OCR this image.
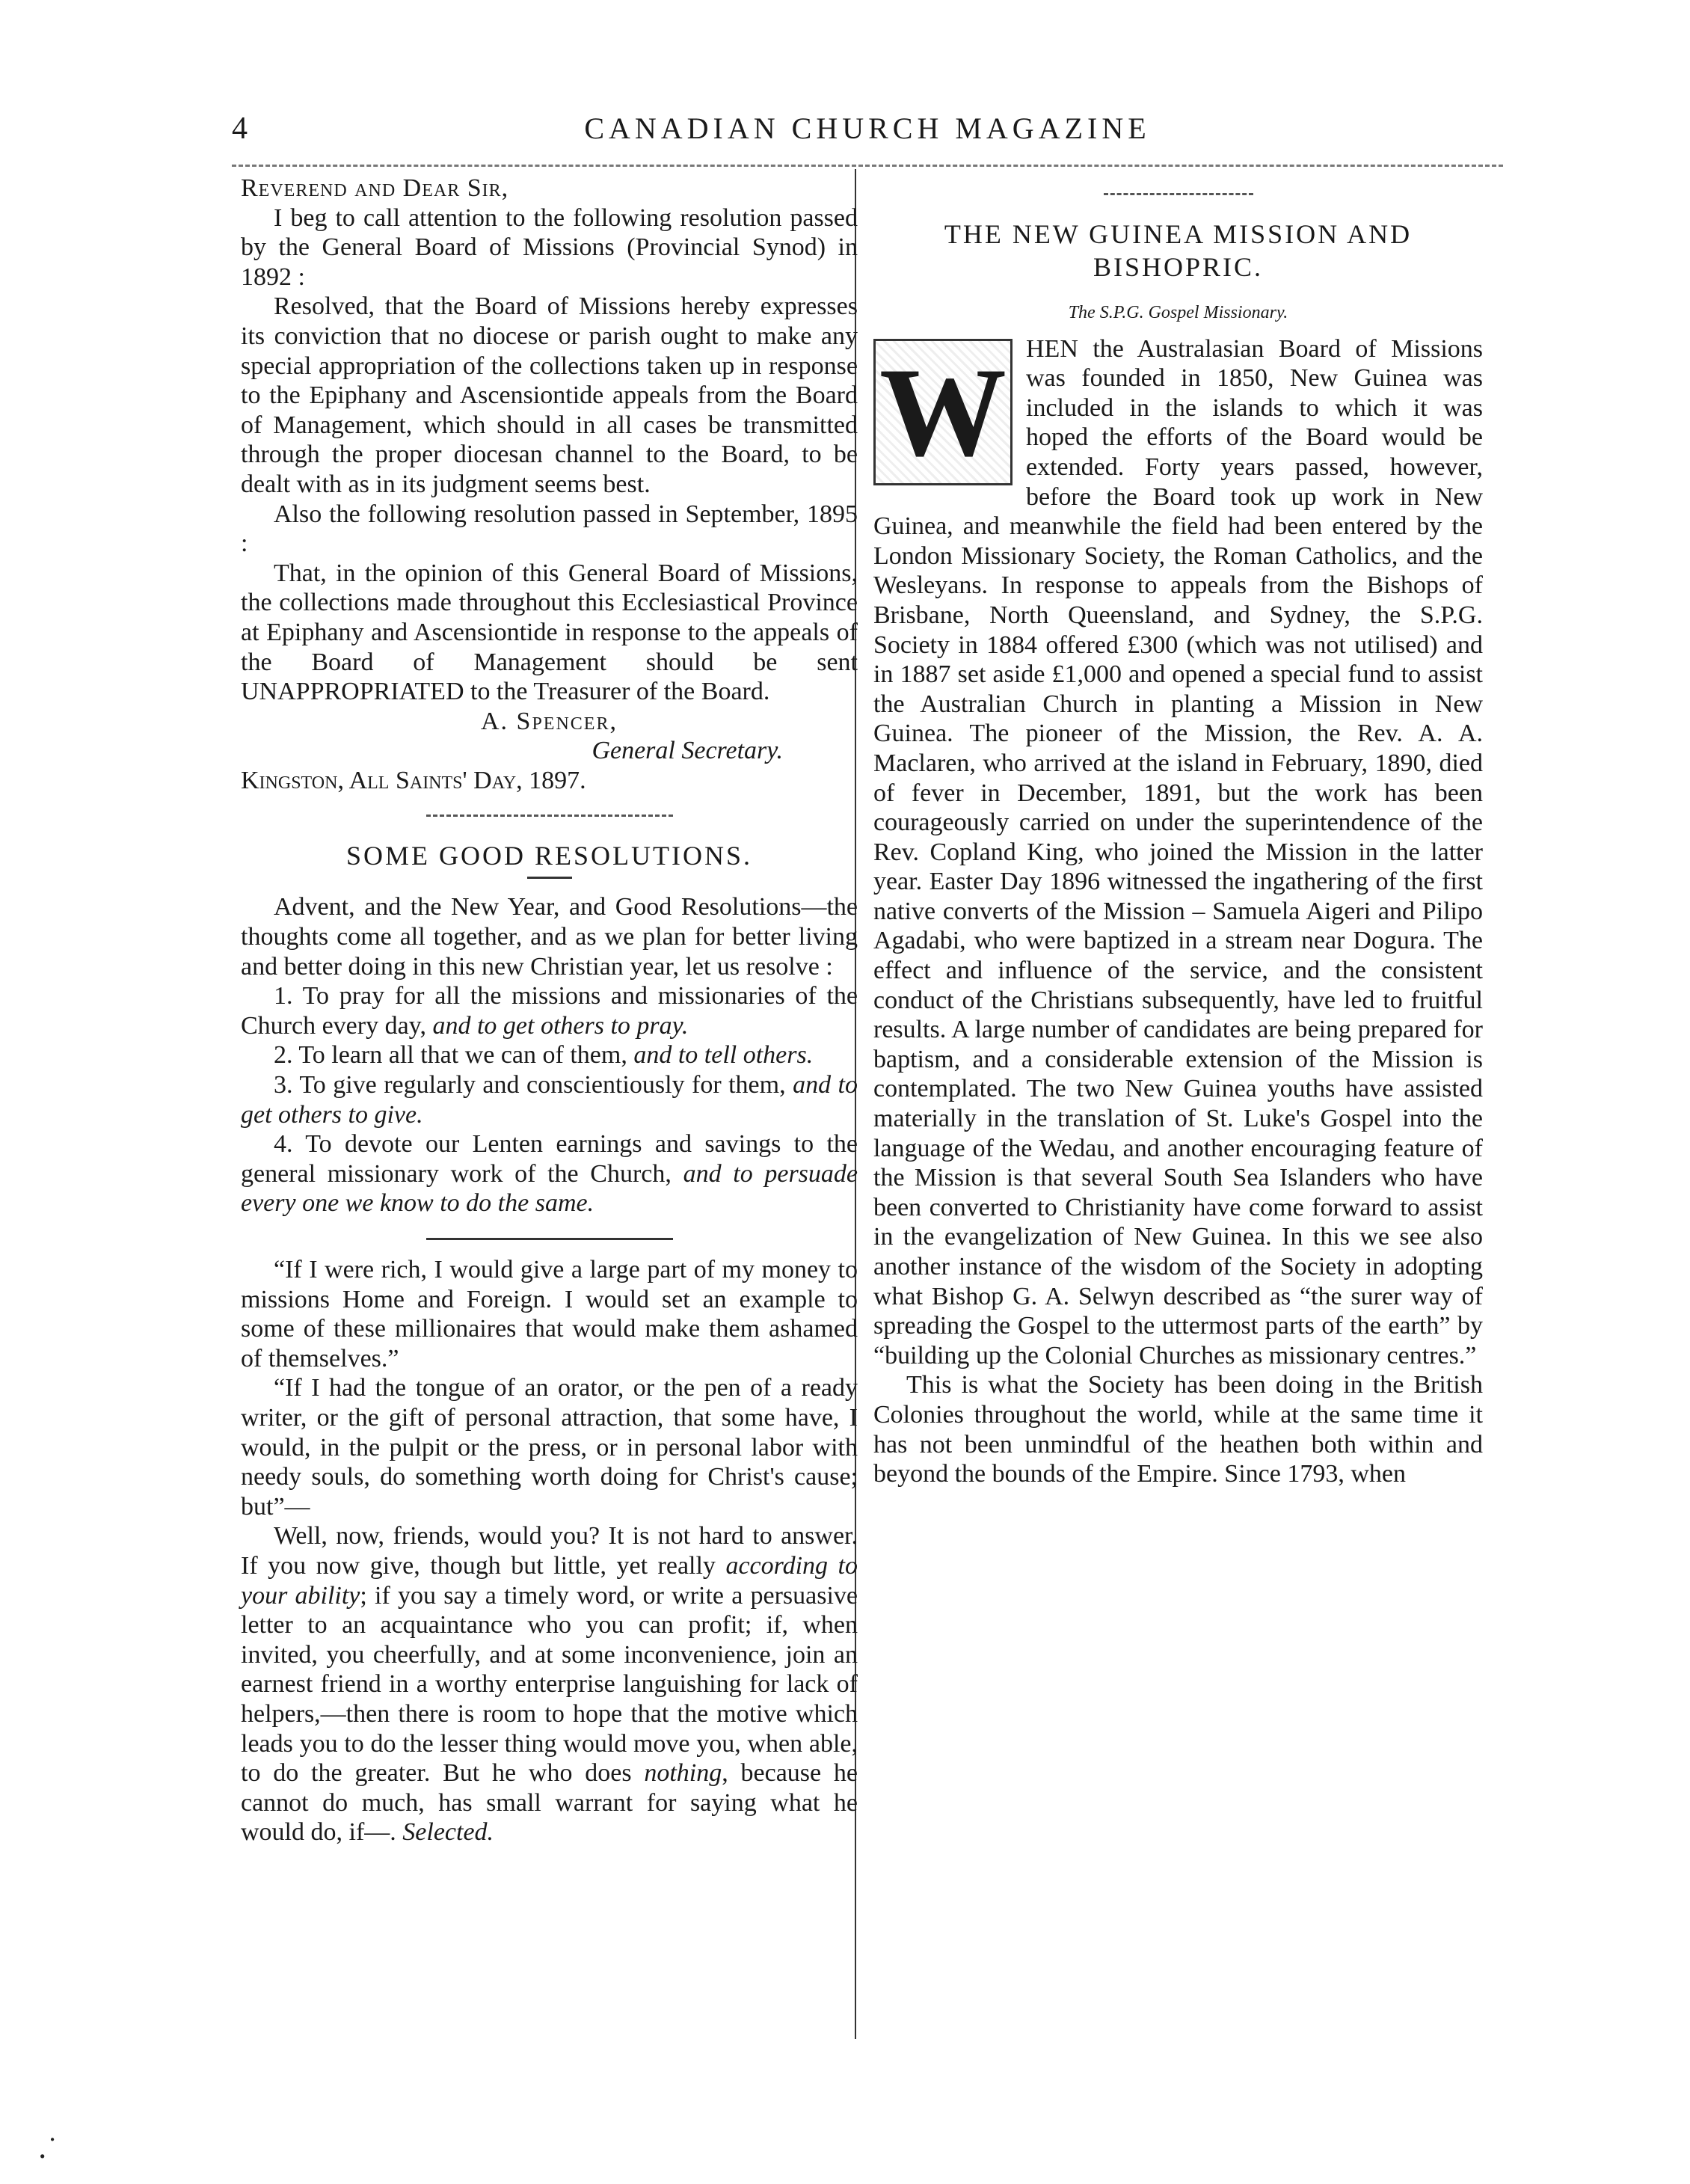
4	CANADIAN CHURCH MAGAZINE

Reverend and Dear Sir,

I beg to call attention to the following resolution passed by the General Board of Missions (Provincial Synod) in 1892 :

Resolved, that the Board of Missions hereby expresses its conviction that no diocese or parish ought to make any special appropriation of the collections taken up in response to the Epiphany and Ascensiontide appeals from the Board of Management, which should in all cases be transmitted through the proper diocesan channel to the Board, to be dealt with as in its judgment seems best.

Also the following resolution passed in September, 1895 :

That, in the opinion of this General Board of Missions, the collections made throughout this Ecclesiastical Province at Epiphany and Ascensiontide in response to the appeals of the Board of Management should be sent UNAPPROPRIATED to the Treasurer of the Board.

A. Spencer,

General Secretary.

Kingston, All Saints' Day, 1897.

SOME GOOD RESOLUTIONS.

Advent, and the New Year, and Good Resolutions—the thoughts come all together, and as we plan for better living and better doing in this new Christian year, let us resolve :

1. To pray for all the missions and missionaries of the Church every day, and to get others to pray.

2. To learn all that we can of them, and to tell others.

3. To give regularly and conscientiously for them, and to get others to give.

4. To devote our Lenten earnings and savings to the general missionary work of the Church, and to persuade every one we know to do the same.

“If I were rich, I would give a large part of my money to missions Home and Foreign. I would set an example to some of these millionaires that would make them ashamed of themselves.”

“If I had the tongue of an orator, or the pen of a ready writer, or the gift of personal attraction, that some have, I would, in the pulpit or the press, or in personal labor with needy souls, do something worth doing for Christ's cause; but”—

Well, now, friends, would you? It is not hard to answer. If you now give, though but little, yet really according to your ability; if you say a timely word, or write a persuasive letter to an acquaintance who you can profit; if, when invited, you cheerfully, and at some inconvenience, join an earnest friend in a worthy enterprise languishing for lack of helpers,—then there is room to hope that the motive which leads you to do the lesser thing would move you, when able, to do the greater. But he who does nothing, because he cannot do much, has small warrant for saying what he would do, if—. Selected.

THE NEW GUINEA MISSION AND BISHOPRIC.
The S.P.G. Gospel Missionary.
W HEN the Australasian Board of Missions was founded in 1850, New Guinea was included in the islands to which it was hoped the efforts of the Board would be extended. Forty years passed, however, before the Board took up work in New Guinea, and meanwhile the field had been entered by the London Missionary Society, the Roman Catholics, and the Wesleyans. In response to appeals from the Bishops of Brisbane, North Queensland, and Sydney, the S.P.G. Society in 1884 offered £300 (which was not utilised) and in 1887 set aside £1,000 and opened a special fund to assist the Australian Church in planting a Mission in New Guinea. The pioneer of the Mission, the Rev. A. A. Maclaren, who arrived at the island in February, 1890, died of fever in December, 1891, but the work has been courageously carried on under the superintendence of the Rev. Copland King, who joined the Mission in the latter year. Easter Day 1896 witnessed the ingathering of the first native converts of the Mission – Samuela Aigeri and Pilipo Agadabi, who were baptized in a stream near Dogura. The effect and influence of the service, and the consistent conduct of the Christians subsequently, have led to fruitful results. A large number of candidates are being prepared for baptism, and a considerable extension of the Mission is contemplated. The two New Guinea youths have assisted materially in the translation of St. Luke's Gospel into the language of the Wedau, and another encouraging feature of the Mission is that several South Sea Islanders who have been converted to Christianity have come forward to assist in the evangelization of New Guinea. In this we see also another instance of the wisdom of the Society in adopting what Bishop G. A. Selwyn described as “the surer way of spreading the Gospel to the uttermost parts of the earth” by “building up the Colonial Churches as missionary centres.”

This is what the Society has been doing in the British Colonies throughout the world, while at the same time it has not been unmindful of the heathen both within and beyond the bounds of the Empire. Since 1793, when

․˙
